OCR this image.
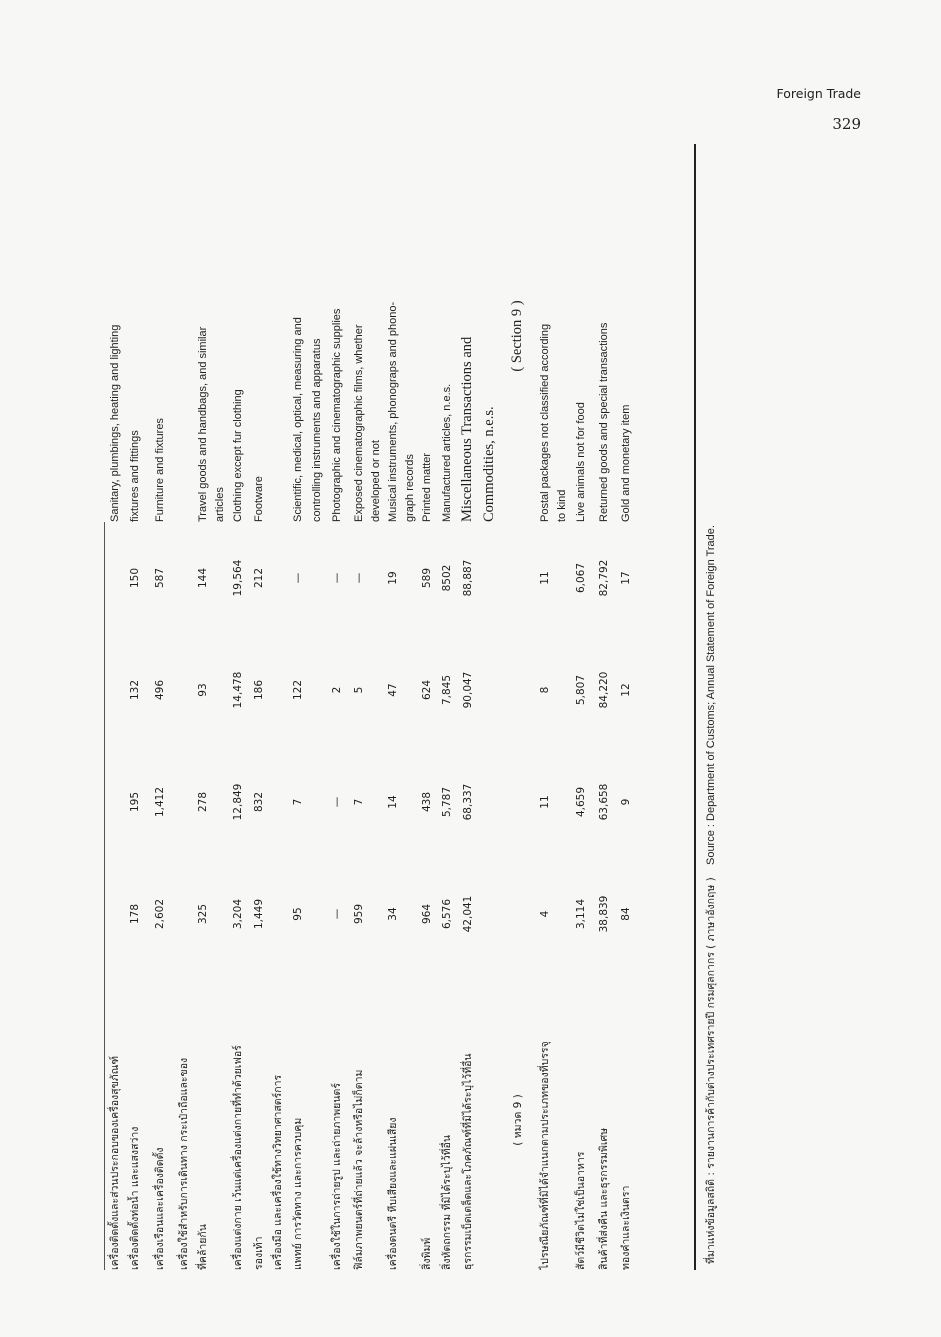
Foreign Trade
329

เครื่องติดตั้งและส่วนประกอบของเครื่องสุขภัณฑ์					Sanitary, plumbings, heating and lighting
เครื่องติดตั้งท่อน้ำ และแสงสว่าง	178	195	132	150	fixtures and fittings
เครื่องเรือนและเครื่องติดตั้ง	2,602	1,412	496	587	Furniture and fixtures
เครื่องใช้สำหรับการเดินทาง กระเป๋าถือและของ					
ที่คล้ายกัน	325	278	93	144	Travel goods and handbags, and similar
					articles
เครื่องแต่งกาย เว้นแต่เครื่องแต่งกายที่ทำด้วยเฟอร์	3,204	12,849	14,478	19,564	Clothing except fur clothing
รองเท้า	1,449	832	186	212	Footware
เครื่องมือ และเครื่องใช้ทางวิทยาศาสตร์การ					
แพทย์ การวัดทาง และการควบคุม	95	7	122	—	Scientific, medical, optical, measuring and
					controlling instruments and apparatus
เครื่องใช้ในการถ่ายรูป และถ่ายภาพยนตร์	—	—	2	—	Photographic and cinematographic supplies
ฟิล์มภาพยนตร์ที่ถ่ายแล้ว จะล้างหรือไม่ก็ตาม	959	7	5	—	Exposed cinematographic films, whether
					developed or not
เครื่องดนตรี หีบเสียงและแผ่นเสียง	34	14	47	19	Musical instruments, phonograps and phono-
					graph records
สิ่งพิมพ์	964	438	624	589	Printed matter
สิ่งหัตถกรรม ที่มิได้ระบุไว้ที่อื่น	6,576	5,787	7,845	8502	Manufactured articles, n.e.s.
ธุรกรรมเบ็ดเตล็ดและโภคภัณฑ์ที่มิได้ระบุไว้ที่อื่น	42,041	68,337	90,047	88,887	Miscellaneous Transactions and
					Commodities, n.e.s.
( หมวด 9 )					( Section 9 )
ไปรษณียภัณฑ์ที่มิได้จำแนกตามประเภทของที่บรรจุ	4	11	8	11	Postal packages not classified according
					to kind
สัตว์มีชีวิตไม่ใช่เป็นอาหาร	3,114	4,659	5,807	6,067	Live animals not for food
สินค้าที่ส่งคืน และธุรกรรมพิเศษ	38,839	63,658	84,220	82,792	Returned goods and special transactions
ทองคำและเงินตรา	84	9	12	17	Gold and monetary item
ที่มาแห่งข้อมูลสถิติ : รายงานการค้ากับต่างประเทศรายปี กรมศุลกากร ( ภาษาอังกฤษ )    Source : Department of Customs; Annual Statement of Foreign Trade.
